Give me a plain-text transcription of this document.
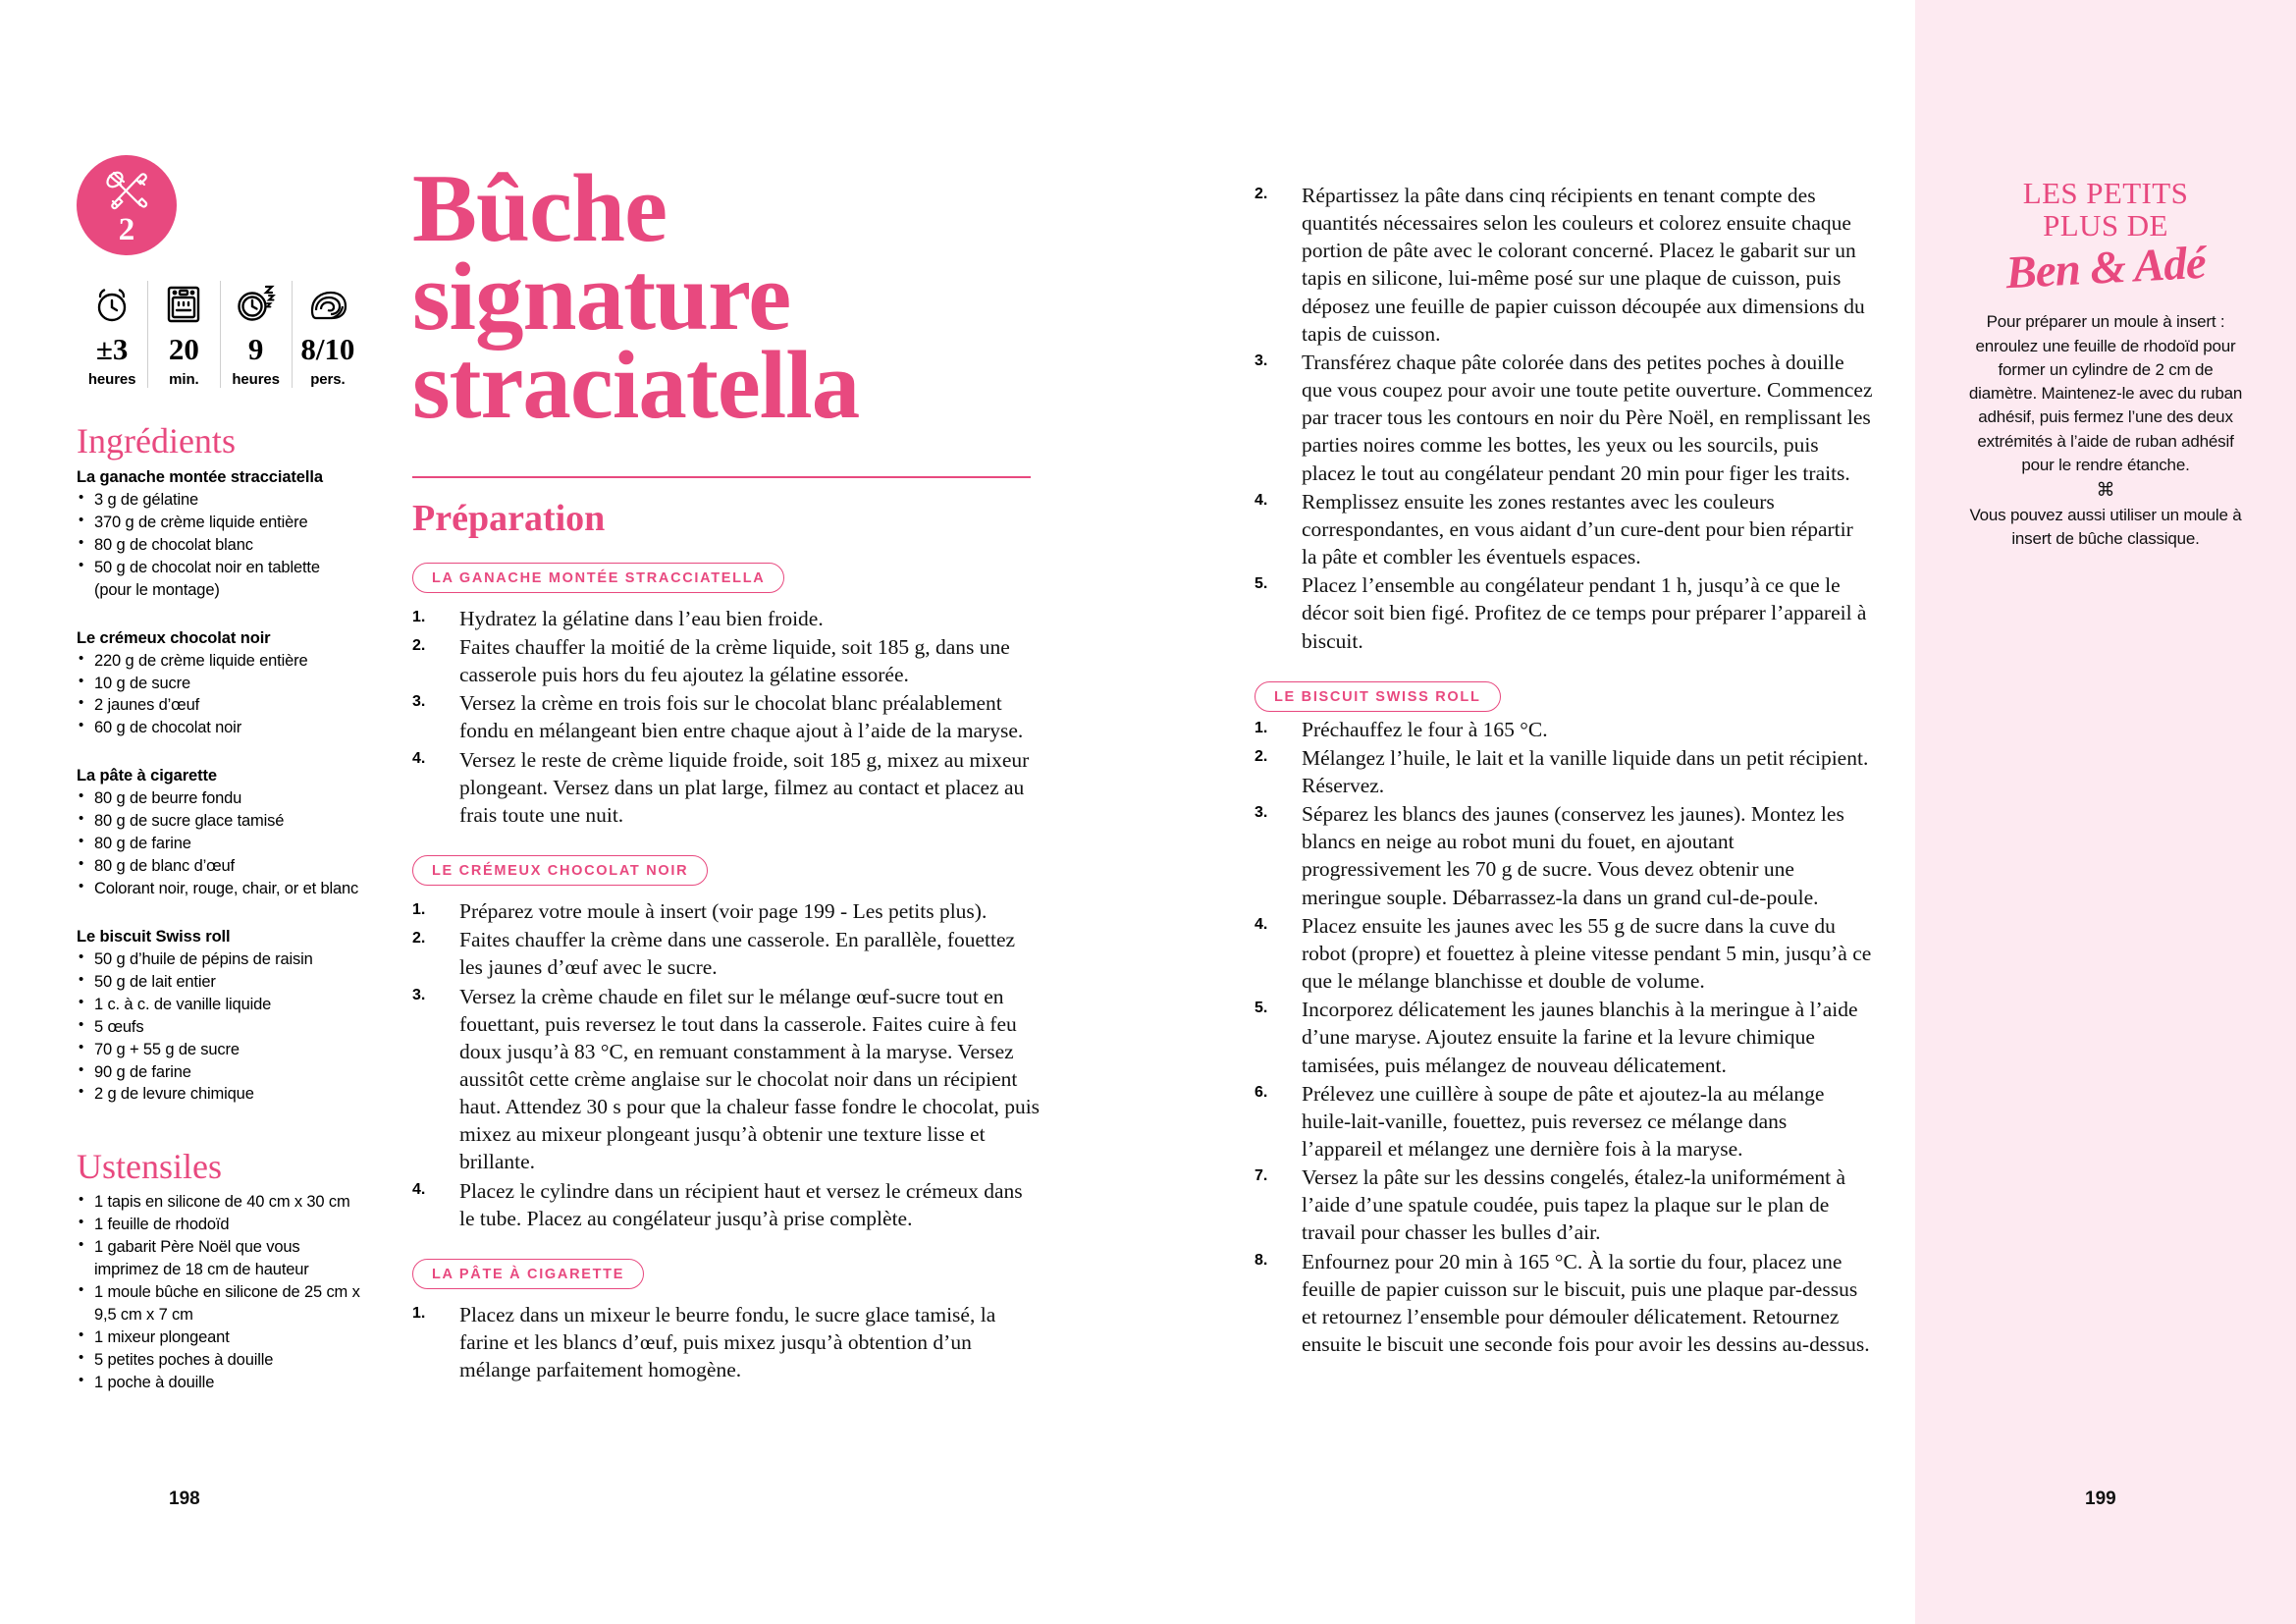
2
±3
heures
20
min.
9
heures
8/10
pers.
Ingrédients
La ganache montée stracciatella
• 3 g de gélatine
• 370 g de crème liquide entière
• 80 g de chocolat blanc
• 50 g de chocolat noir en tablette
(pour le montage)
Le crémeux chocolat noir
• 220 g de crème liquide entière
• 10 g de sucre
• 2 jaunes d’œuf
• 60 g de chocolat noir
La pâte à cigarette
• 80 g de beurre fondu
• 80 g de sucre glace tamisé
• 80 g de farine
• 80 g de blanc d’œuf
• Colorant noir, rouge, chair, or et blanc
Le biscuit Swiss roll
• 50 g d’huile de pépins de raisin
• 50 g de lait entier
• 1 c. à c. de vanille liquide
• 5 œufs
• 70 g + 55 g de sucre
• 90 g de farine
• 2 g de levure chimique
Ustensiles
• 1 tapis en silicone de 40 cm x 30 cm
• 1 feuille de rhodoïd
• 1 gabarit Père Noël que vous
imprimez de 18 cm de hauteur
• 1 moule bûche en silicone de 25 cm x
9,5 cm x 7 cm
• 1 mixeur plongeant
• 5 petites poches à douille
• 1 poche à douille
Bûche signature straciatella
Préparation
LA GANACHE MONTÉE STRACCIATELLA
1. Hydratez la gélatine dans l’eau bien froide.
2. Faites chauffer la moitié de la crème liquide, soit 185 g, dans une casserole puis hors du feu ajoutez la gélatine essorée.
3. Versez la crème en trois fois sur le chocolat blanc préalablement fondu en mélangeant bien entre chaque ajout à l’aide de la maryse.
4. Versez le reste de crème liquide froide, soit 185 g, mixez au mixeur plongeant. Versez dans un plat large, filmez au contact et placez au frais toute une nuit.
LE CRÉMEUX CHOCOLAT NOIR
1. Préparez votre moule à insert (voir page 199 - Les petits plus).
2. Faites chauffer la crème dans une casserole. En parallèle, fouettez les jaunes d’œuf avec le sucre.
3. Versez la crème chaude en filet sur le mélange œuf-sucre tout en fouettant, puis reversez le tout dans la casserole. Faites cuire à feu doux jusqu’à 83 °C, en remuant constamment à la maryse. Versez aussitôt cette crème anglaise sur le chocolat noir dans un récipient haut. Attendez 30 s pour que la chaleur fasse fondre le chocolat, puis mixez au mixeur plongeant jusqu’à obtenir une texture lisse et brillante.
4. Placez le cylindre dans un récipient haut et versez le crémeux dans le tube. Placez au congélateur jusqu’à prise complète.
LA PÂTE À CIGARETTE
1. Placez dans un mixeur le beurre fondu, le sucre glace tamisé, la farine et les blancs d’œuf, puis mixez jusqu’à obtention d’un mélange parfaitement homogène.
2. Répartissez la pâte dans cinq récipients en tenant compte des quantités nécessaires selon les couleurs et colorez ensuite chaque portion de pâte avec le colorant concerné. Placez le gabarit sur un tapis en silicone, lui-même posé sur une plaque de cuisson, puis déposez une feuille de papier cuisson découpée aux dimensions du tapis de cuisson.
3. Transférez chaque pâte colorée dans des petites poches à douille que vous coupez pour avoir une toute petite ouverture. Commencez par tracer tous les contours en noir du Père Noël, en remplissant les parties noires comme les bottes, les yeux ou les sourcils, puis placez le tout au congélateur pendant 20 min pour figer les traits.
4. Remplissez ensuite les zones restantes avec les couleurs correspondantes, en vous aidant d’un cure-dent pour bien répartir la pâte et combler les éventuels espaces.
5. Placez l’ensemble au congélateur pendant 1 h, jusqu’à ce que le décor soit bien figé. Profitez de ce temps pour préparer l’appareil à biscuit.
LE BISCUIT SWISS ROLL
1. Préchauffez le four à 165 °C.
2. Mélangez l’huile, le lait et la vanille liquide dans un petit récipient. Réservez.
3. Séparez les blancs des jaunes (conservez les jaunes). Montez les blancs en neige au robot muni du fouet, en ajoutant progressivement les 70 g de sucre. Vous devez obtenir une meringue souple. Débarrassez-la dans un grand cul-de-poule.
4. Placez ensuite les jaunes avec les 55 g de sucre dans la cuve du robot (propre) et fouettez à pleine vitesse pendant 5 min, jusqu’à ce que le mélange blanchisse et double de volume.
5. Incorporez délicatement les jaunes blanchis à la meringue à l’aide d’une maryse. Ajoutez ensuite la farine et la levure chimique tamisées, puis mélangez de nouveau délicatement.
6. Prélevez une cuillère à soupe de pâte et ajoutez-la au mélange huile-lait-vanille, fouettez, puis reversez ce mélange dans l’appareil et mélangez une dernière fois à la maryse.
7. Versez la pâte sur les dessins congelés, étalez-la uniformément à l’aide d’une spatule coudée, puis tapez la plaque sur le plan de travail pour chasser les bulles d’air.
8. Enfournez pour 20 min à 165 °C. À la sortie du four, placez une feuille de papier cuisson sur le biscuit, puis une plaque par-dessus et retournez l’ensemble pour démouler délicatement. Retournez ensuite le biscuit une seconde fois pour avoir les dessins au-dessus.
LES PETITS
PLUS DE
Ben & Adé
Pour préparer un moule à insert : enroulez une feuille de rhodoïd pour former un cylindre de 2 cm de diamètre. Maintenez-le avec du ruban adhésif, puis fermez l’une des deux extrémités à l’aide de ruban adhésif pour le rendre étanche.
⌘
Vous pouvez aussi utiliser un moule à insert de bûche classique.
198	199
